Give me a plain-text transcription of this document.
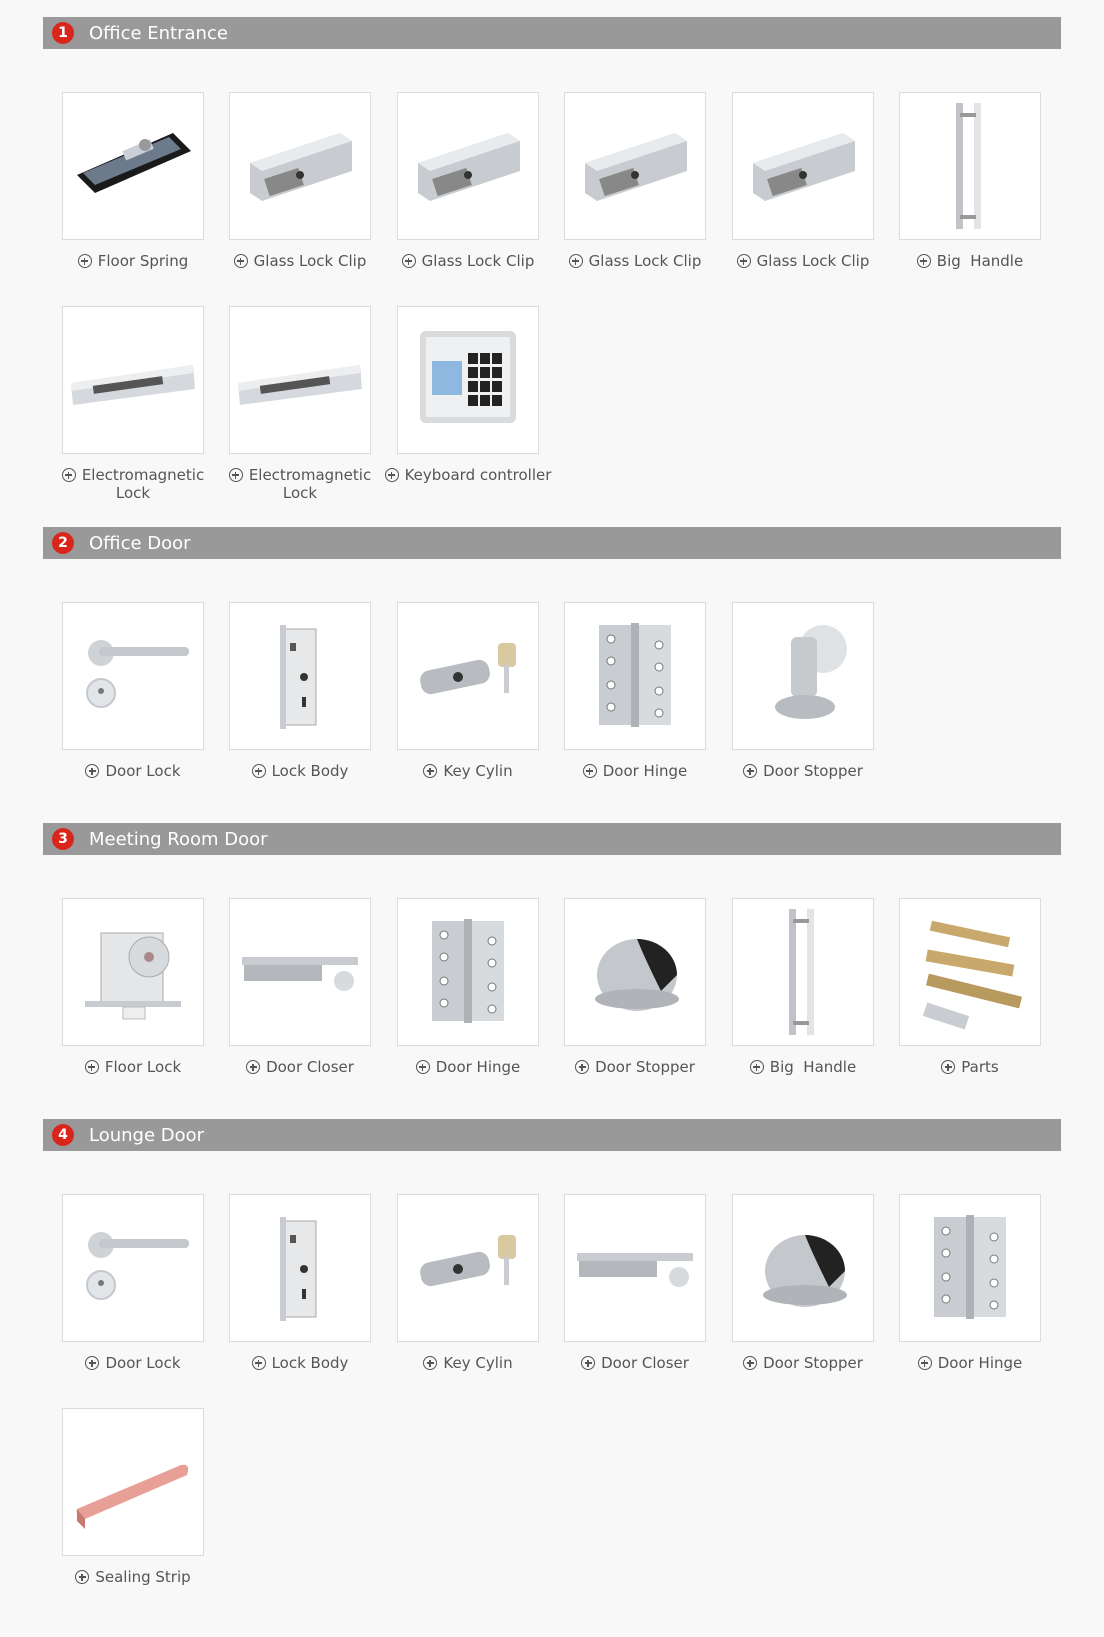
1	Office Entrance
Floor Spring	Glass Lock Clip	Glass Lock Clip	Glass Lock Clip	Glass Lock Clip	Big  Handle
Electromagnetic Lock
Electromagnetic Lock
Keyboard controller
2	Office Door
Door Lock	Lock Body	Key Cylin	Door Hinge	Door Stopper
3	Meeting Room Door
Floor Lock	Door Closer	Door Hinge	Door Stopper	Big  Handle	Parts
4	Lounge Door
Door Lock	Lock Body	Key Cylin	Door Closer	Door Stopper	Door Hinge
Sealing Strip
